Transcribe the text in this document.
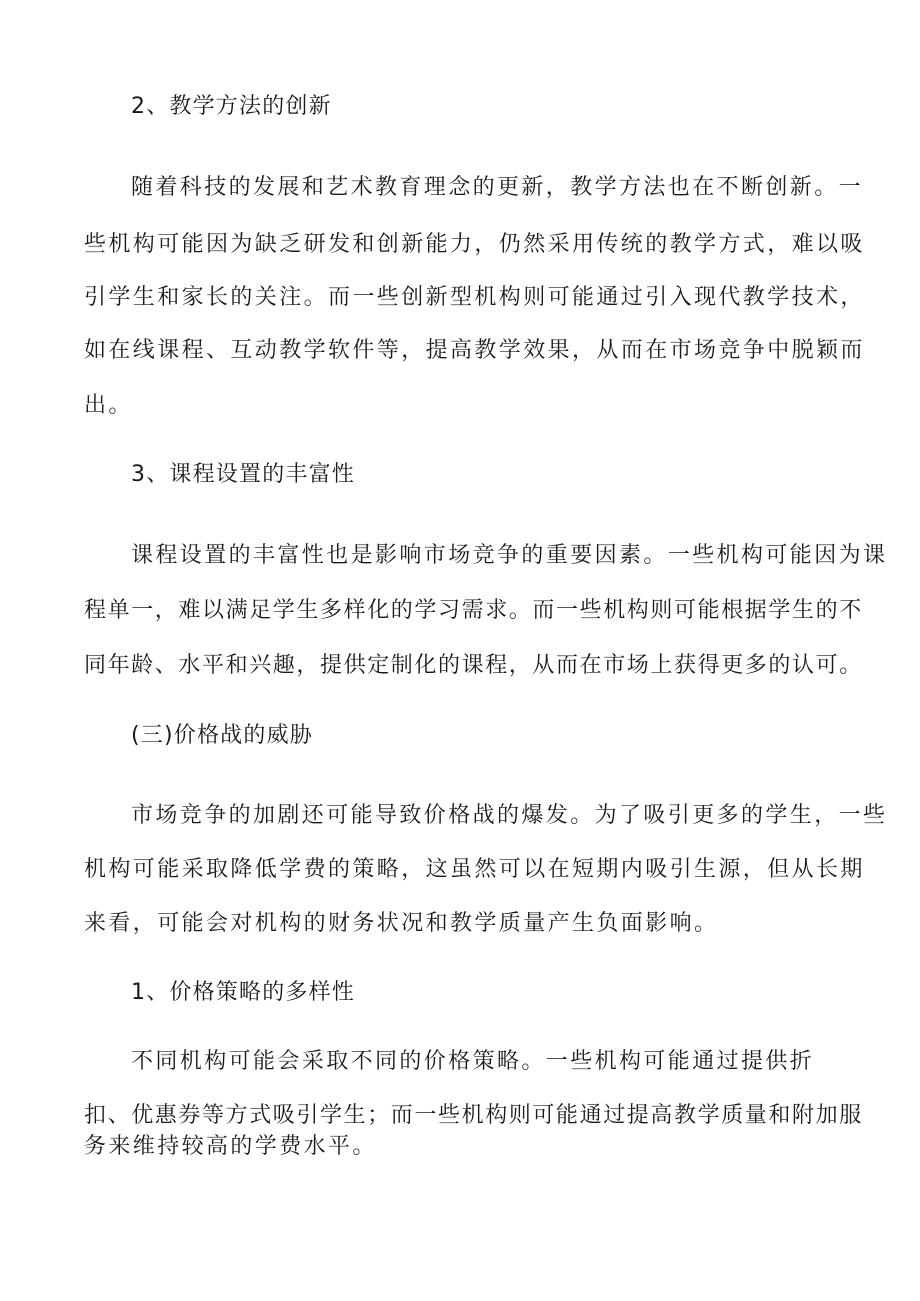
2、教学方法的创新
随着科技的发展和艺术教育理念的更新，教学方法也在不断创新。一
些机构可能因为缺乏研发和创新能力，仍然采用传统的教学方式，难以吸
引学生和家长的关注。而一些创新型机构则可能通过引入现代教学技术，
如在线课程、互动教学软件等，提高教学效果，从而在市场竞争中脱颖而
出。
3、课程设置的丰富性
课程设置的丰富性也是影响市场竞争的重要因素。一些机构可能因为课
程单一，难以满足学生多样化的学习需求。而一些机构则可能根据学生的不
同年龄、水平和兴趣，提供定制化的课程，从而在市场上获得更多的认可。
(三)价格战的威胁
市场竞争的加剧还可能导致价格战的爆发。为了吸引更多的学生，一些
机构可能采取降低学费的策略，这虽然可以在短期内吸引生源，但从长期
来看，可能会对机构的财务状况和教学质量产生负面影响。
1、价格策略的多样性
不同机构可能会采取不同的价格策略。一些机构可能通过提供折
扣、优惠券等方式吸引学生；而一些机构则可能通过提高教学质量和附加服
务来维持较高的学费水平。
